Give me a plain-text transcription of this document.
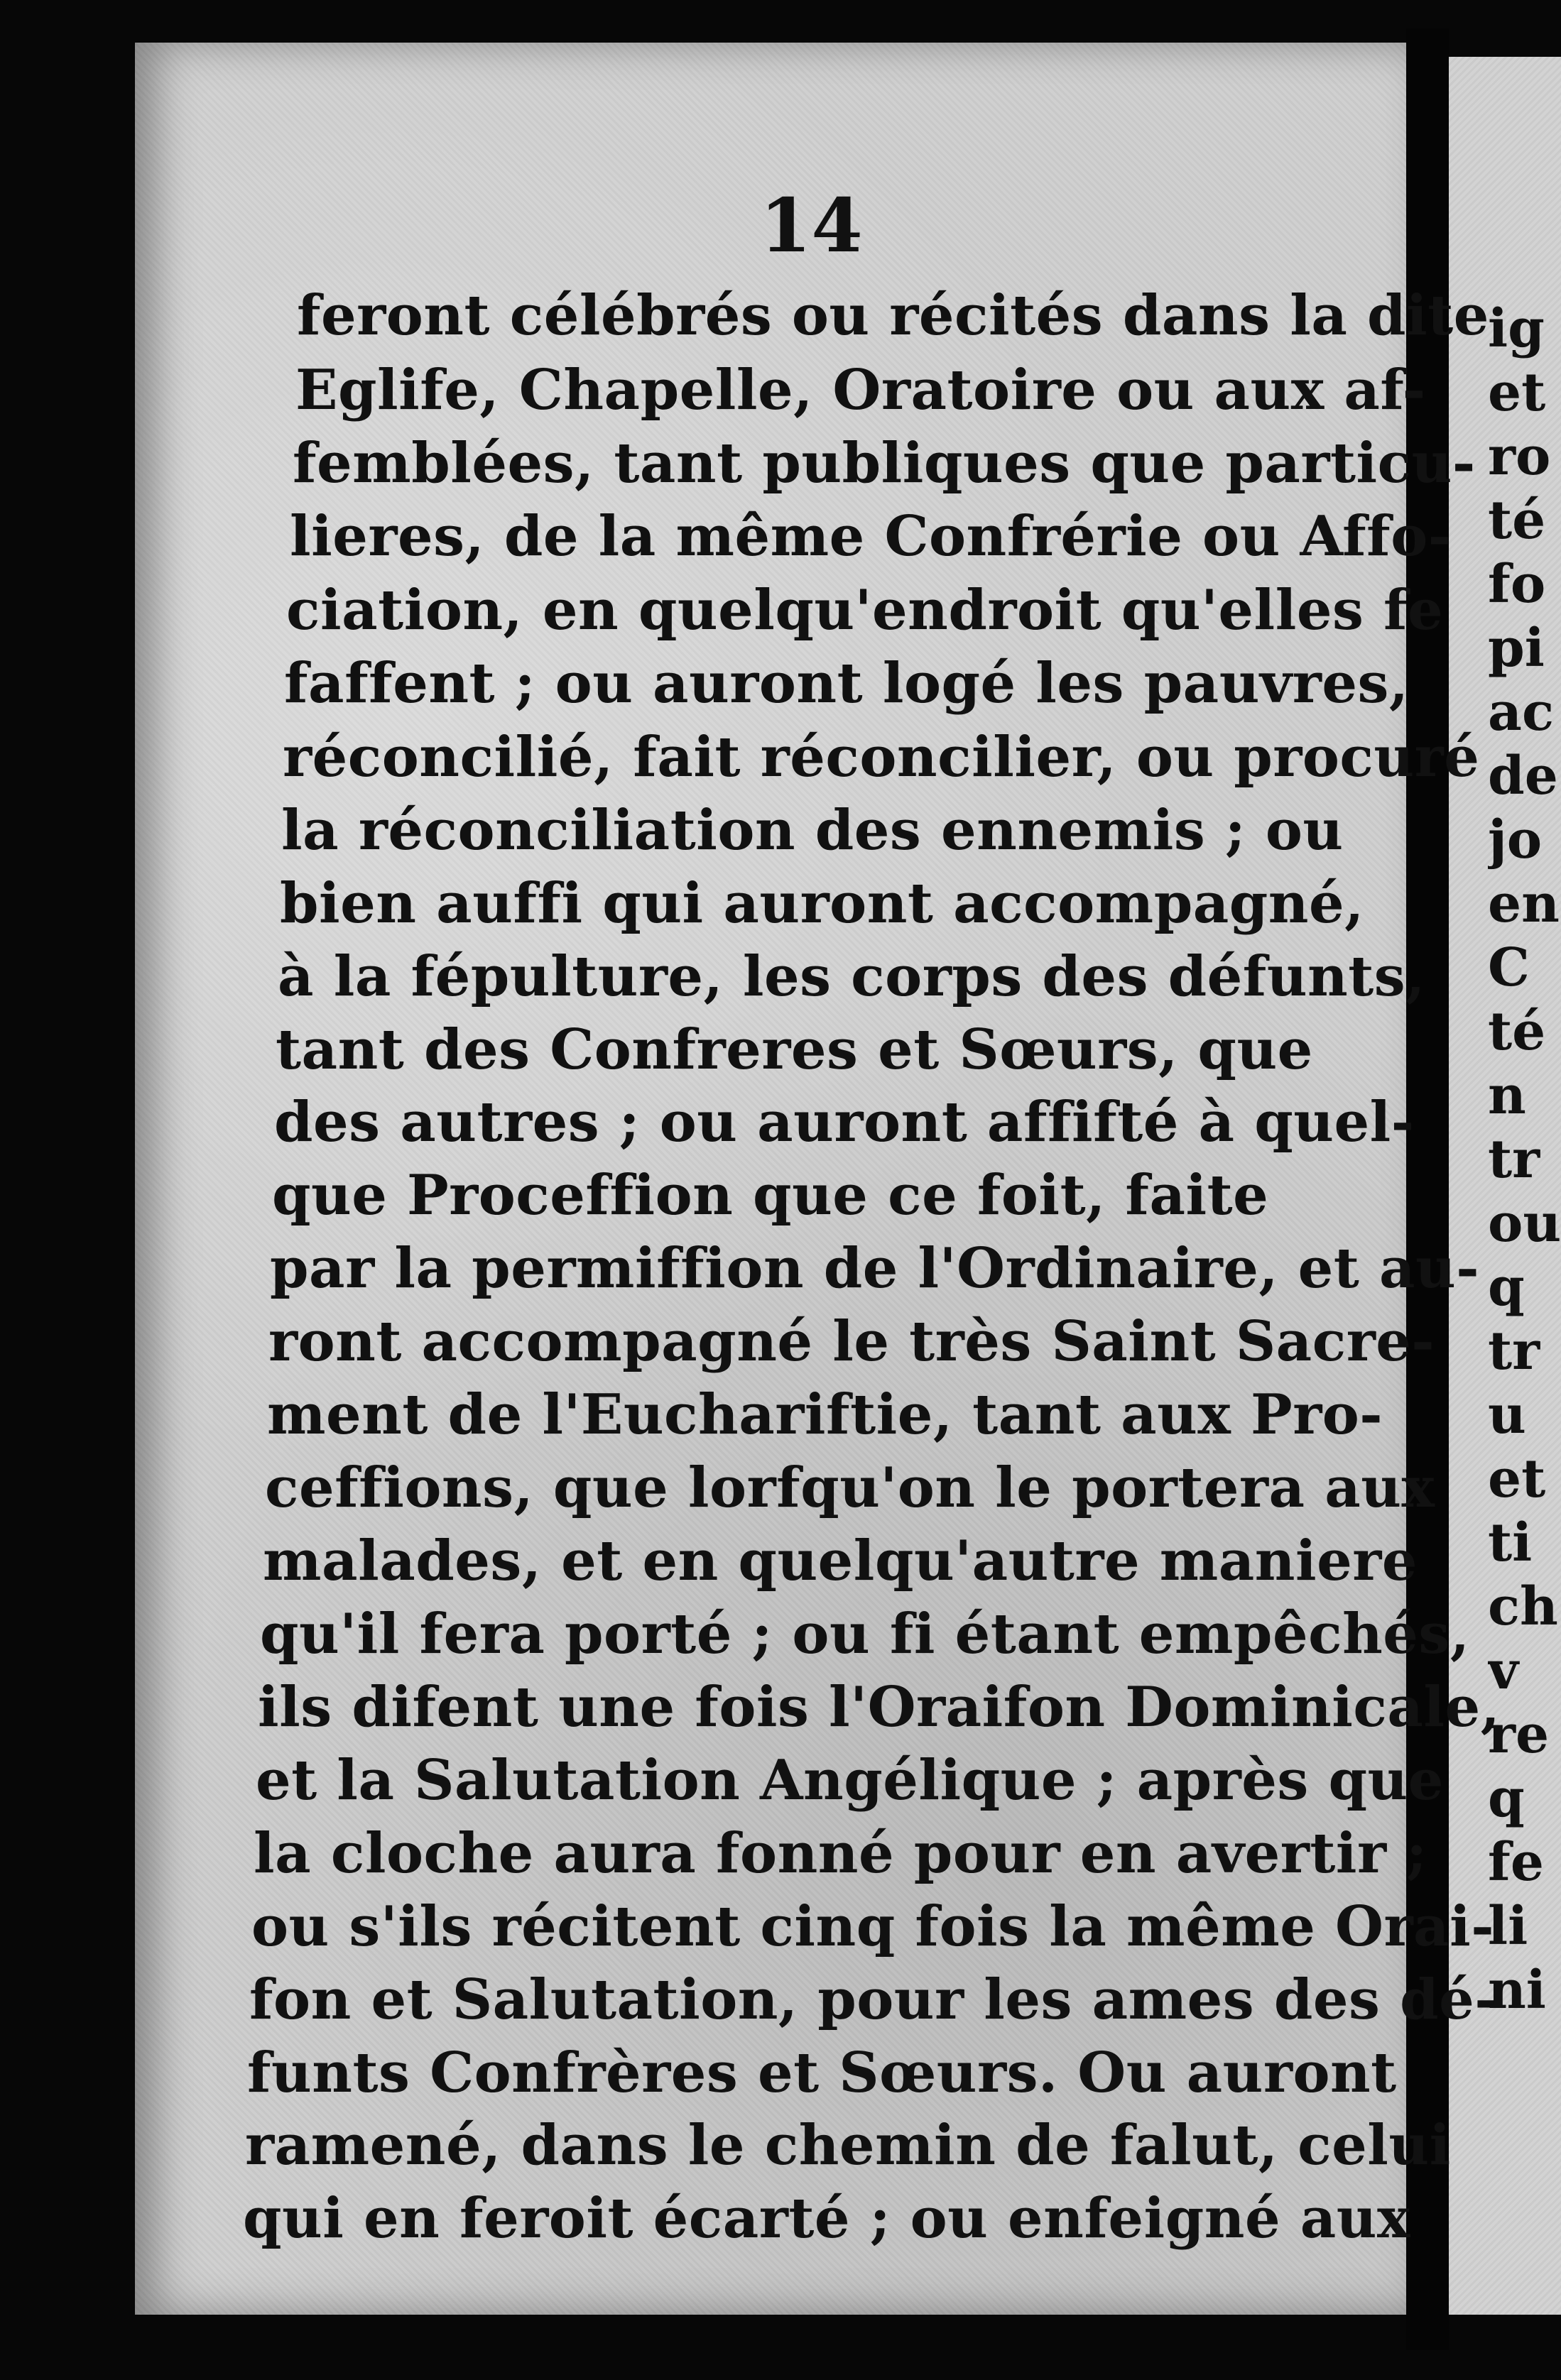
14
feront célébrés ou récités dans la dite
Eglife, Chapelle, Oratoire ou aux af-
femblées, tant publiques que particu-
lieres, de la même Confrérie ou Affo-
ciation, en quelqu'endroit qu'elles fe
faffent ; ou auront logé les pauvres,
réconcilié, fait réconcilier, ou procuré
la réconciliation des ennemis ; ou
bien auffi qui auront accompagné,
à la fépulture, les corps des défunts,
tant des Confreres et Sœurs, que
des autres ; ou auront affifté à quel-
que Proceffion que ce foit, faite
par la permiffion de l'Ordinaire, et au-
ront accompagné le très Saint Sacre-
ment de l'Euchariftie, tant aux Pro-
ceffions, que lorfqu'on le portera aux
malades, et en quelqu'autre maniere
qu'il fera porté ; ou fi étant empêchés,
ils difent une fois l'Oraifon Dominicale,
et la Salutation Angélique ; après que
la cloche aura fonné pour en avertir ;
ou s'ils récitent cinq fois la même Orai-
fon et Salutation, pour les ames des dé-
funts Confrères et Sœurs. Ou auront
ramené, dans le chemin de falut, celui
qui en feroit écarté ; ou enfeigné aux
ig
et
ro
té
fo
pi
ac
de
jo
en
C
té
n
tr
ou
q
tr
u
et
ti
ch
v
re
q
fe
li
ni
